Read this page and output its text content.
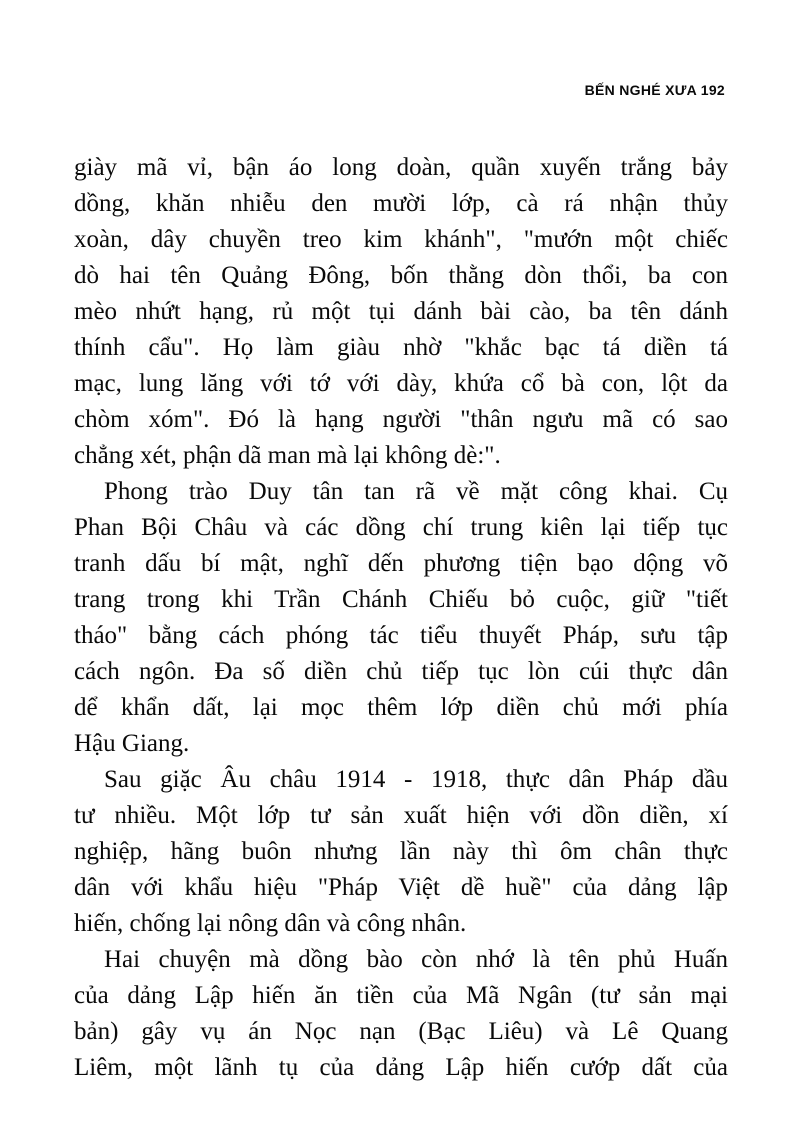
BẾN NGHÉ XƯA 192
giày mã vỉ, bận áo long doàn, quần xuyến trắng bảy
dồng, khăn nhiễu den mười lớp, cà rá nhận thủy
xoàn, dây chuyền treo kim khánh", "mướn một chiếc
dò hai tên Quảng Đông, bốn thằng dòn thổi, ba con
mèo nhứt hạng, rủ một tụi dánh bài cào, ba tên dánh
thính cẩu". Họ làm giàu nhờ "khắc bạc tá diền tá
mạc, lung lăng với tớ với dày, khứa cổ bà con, lột da
chòm xóm". Đó là hạng người "thân ngưu mã có sao
chẳng xét, phận dã man mà lại không dè:".
Phong trào Duy tân tan rã về mặt công khai. Cụ
Phan Bội Châu và các dồng chí trung kiên lại tiếp tục
tranh dấu bí mật, nghĩ dến phương tiện bạo dộng võ
trang trong khi Trần Chánh Chiếu bỏ cuộc, giữ "tiết
tháo" bằng cách phóng tác tiểu thuyết Pháp, sưu tập
cách ngôn. Đa số diền chủ tiếp tục lòn cúi thực dân
dể khẩn dất, lại mọc thêm lớp diền chủ mới phía
Hậu Giang.
Sau giặc Âu châu 1914 - 1918, thực dân Pháp dầu
tư nhiều. Một lớp tư sản xuất hiện với dồn diền, xí
nghiệp, hãng buôn nhưng lần này thì ôm chân thực
dân với khẩu hiệu "Pháp Việt dề huề" của dảng lập
hiến, chống lại nông dân và công nhân.
Hai chuyện mà dồng bào còn nhớ là tên phủ Huấn
của dảng Lập hiến ăn tiền của Mã Ngân (tư sản mại
bản) gây vụ án Nọc nạn (Bạc Liêu) và Lê Quang
Liêm, một lãnh tụ của dảng Lập hiến cướp dất của
